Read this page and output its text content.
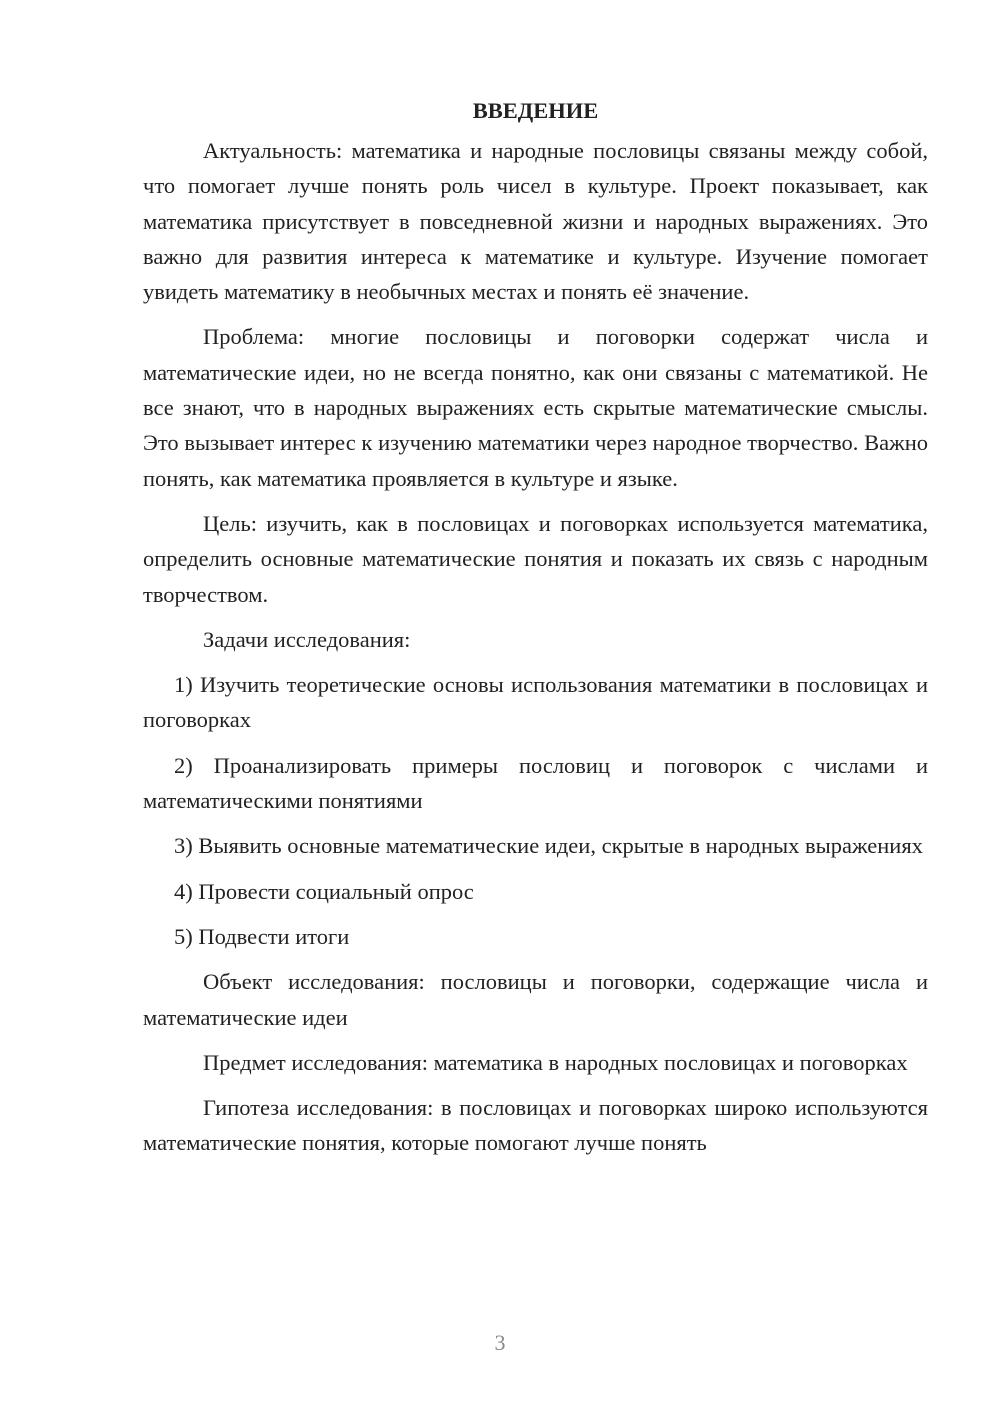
ВВЕДЕНИЕ

Актуальность: математика и народные пословицы связаны между собой, что помогает лучше понять роль чисел в культуре. Проект показывает, как математика присутствует в повседневной жизни и народных выражениях. Это важно для развития интереса к математике и культуре. Изучение помогает увидеть математику в необычных местах и понять её значение.

Проблема: многие пословицы и поговорки содержат числа и математические идеи, но не всегда понятно, как они связаны с математикой. Не все знают, что в народных выражениях есть скрытые математические смыслы. Это вызывает интерес к изучению математики через народное творчество. Важно понять, как математика проявляется в культуре и языке.

Цель: изучить, как в пословицах и поговорках используется математика, определить основные математические понятия и показать их связь с народным творчеством.

Задачи исследования:

1) Изучить теоретические основы использования математики в пословицах и поговорках

2) Проанализировать примеры пословиц и поговорок с числами и математическими понятиями

3) Выявить основные математические идеи, скрытые в народных выражениях

4) Провести социальный опрос

5) Подвести итоги

Объект исследования: пословицы и поговорки, содержащие числа и математические идеи

Предмет исследования: математика в народных пословицах и поговорках

Гипотеза исследования: в пословицах и поговорках широко используются математические понятия, которые помогают лучше понять

3
